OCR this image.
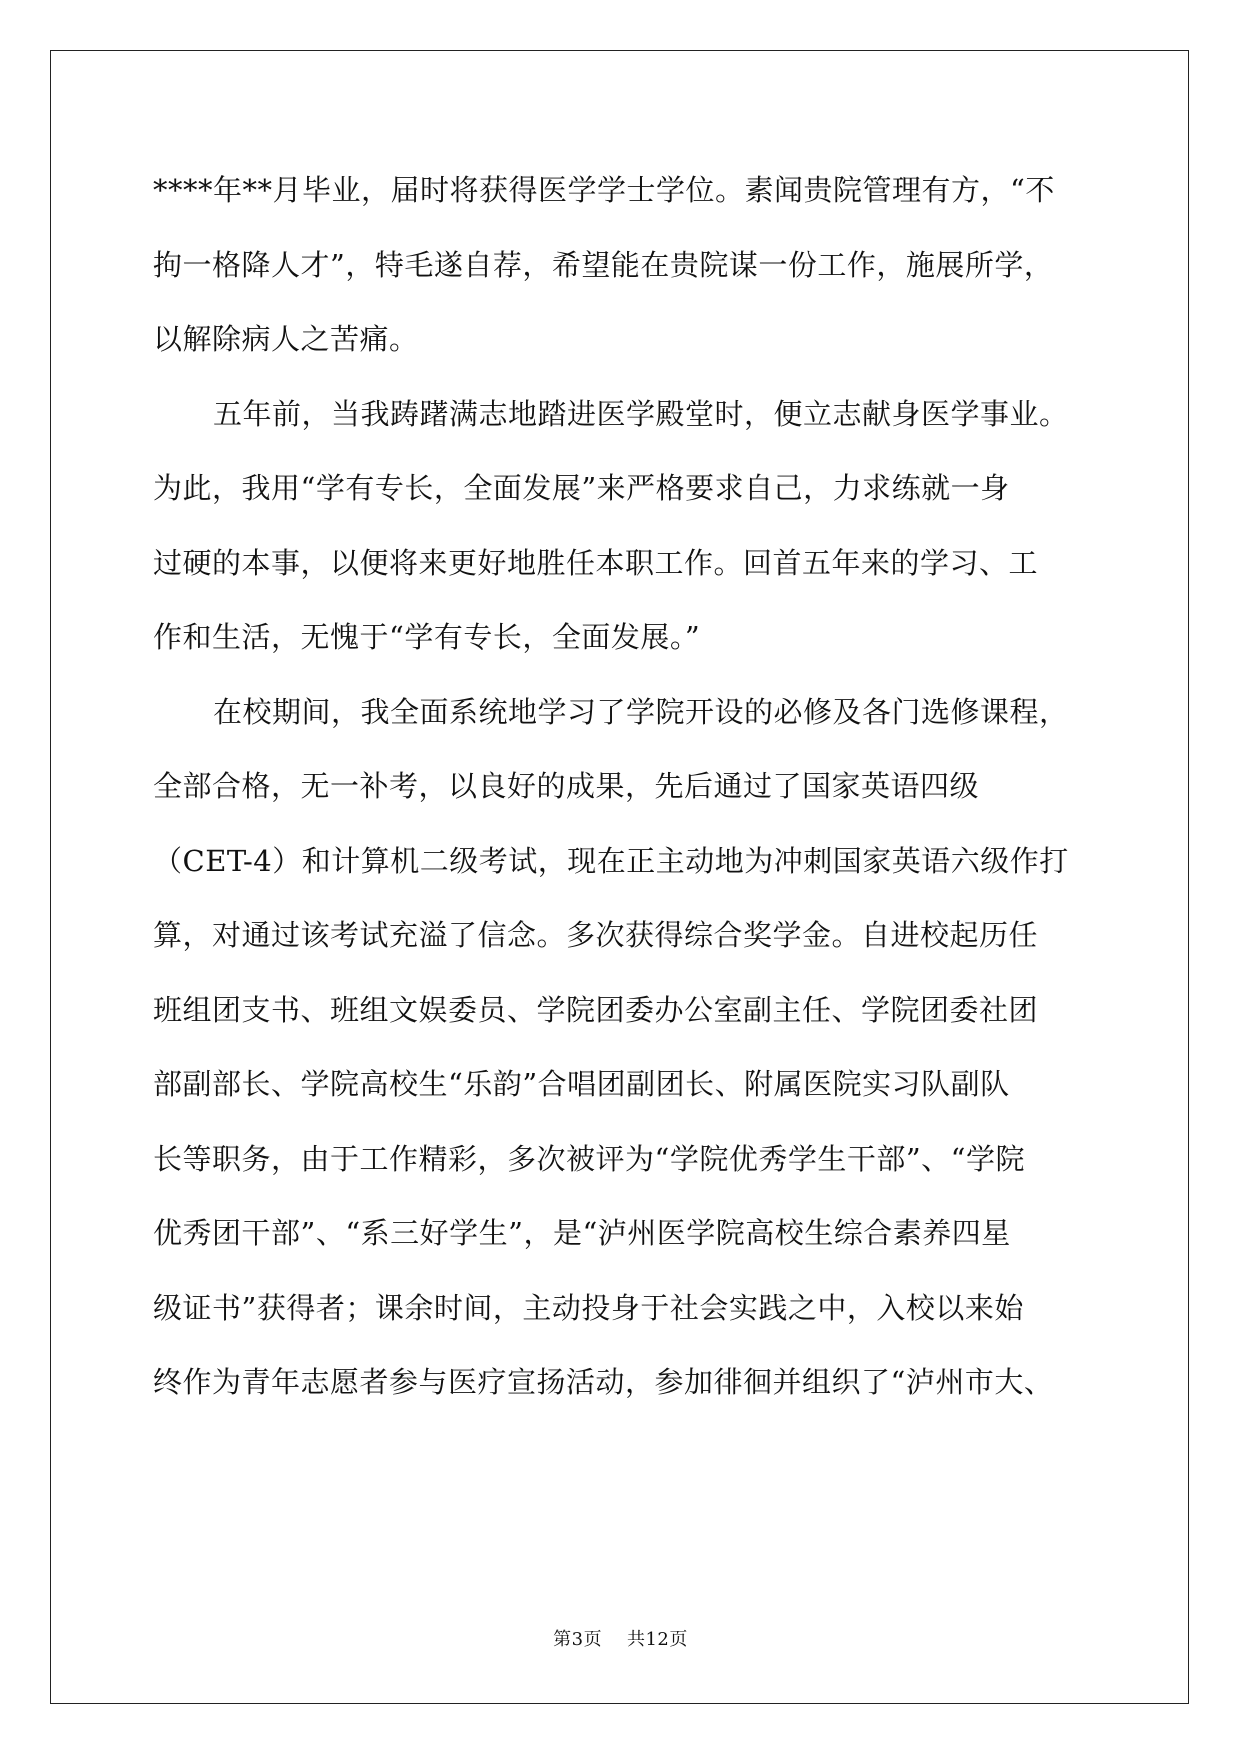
****年**月毕业，届时将获得医学学士学位。素闻贵院管理有方，“不
拘一格降人才”，特毛遂自荐，希望能在贵院谋一份工作，施展所学，
以解除病人之苦痛。
五年前，当我踌躇满志地踏进医学殿堂时，便立志献身医学事业。
为此，我用“学有专长，全面发展”来严格要求自己，力求练就一身
过硬的本事，以便将来更好地胜任本职工作。回首五年来的学习、工
作和生活，无愧于“学有专长，全面发展。”
在校期间，我全面系统地学习了学院开设的必修及各门选修课程，
全部合格，无一补考，以良好的成果，先后通过了国家英语四级
（CET-4）和计算机二级考试，现在正主动地为冲刺国家英语六级作打
算，对通过该考试充溢了信念。多次获得综合奖学金。自进校起历任
班组团支书、班组文娱委员、学院团委办公室副主任、学院团委社团
部副部长、学院高校生“乐韵”合唱团副团长、附属医院实习队副队
长等职务，由于工作精彩，多次被评为“学院优秀学生干部”、“学院
优秀团干部”、“系三好学生”，是“泸州医学院高校生综合素养四星
级证书”获得者；课余时间，主动投身于社会实践之中，入校以来始
终作为青年志愿者参与医疗宣扬活动，参加徘徊并组织了“泸州市大、
第3页 共12页
